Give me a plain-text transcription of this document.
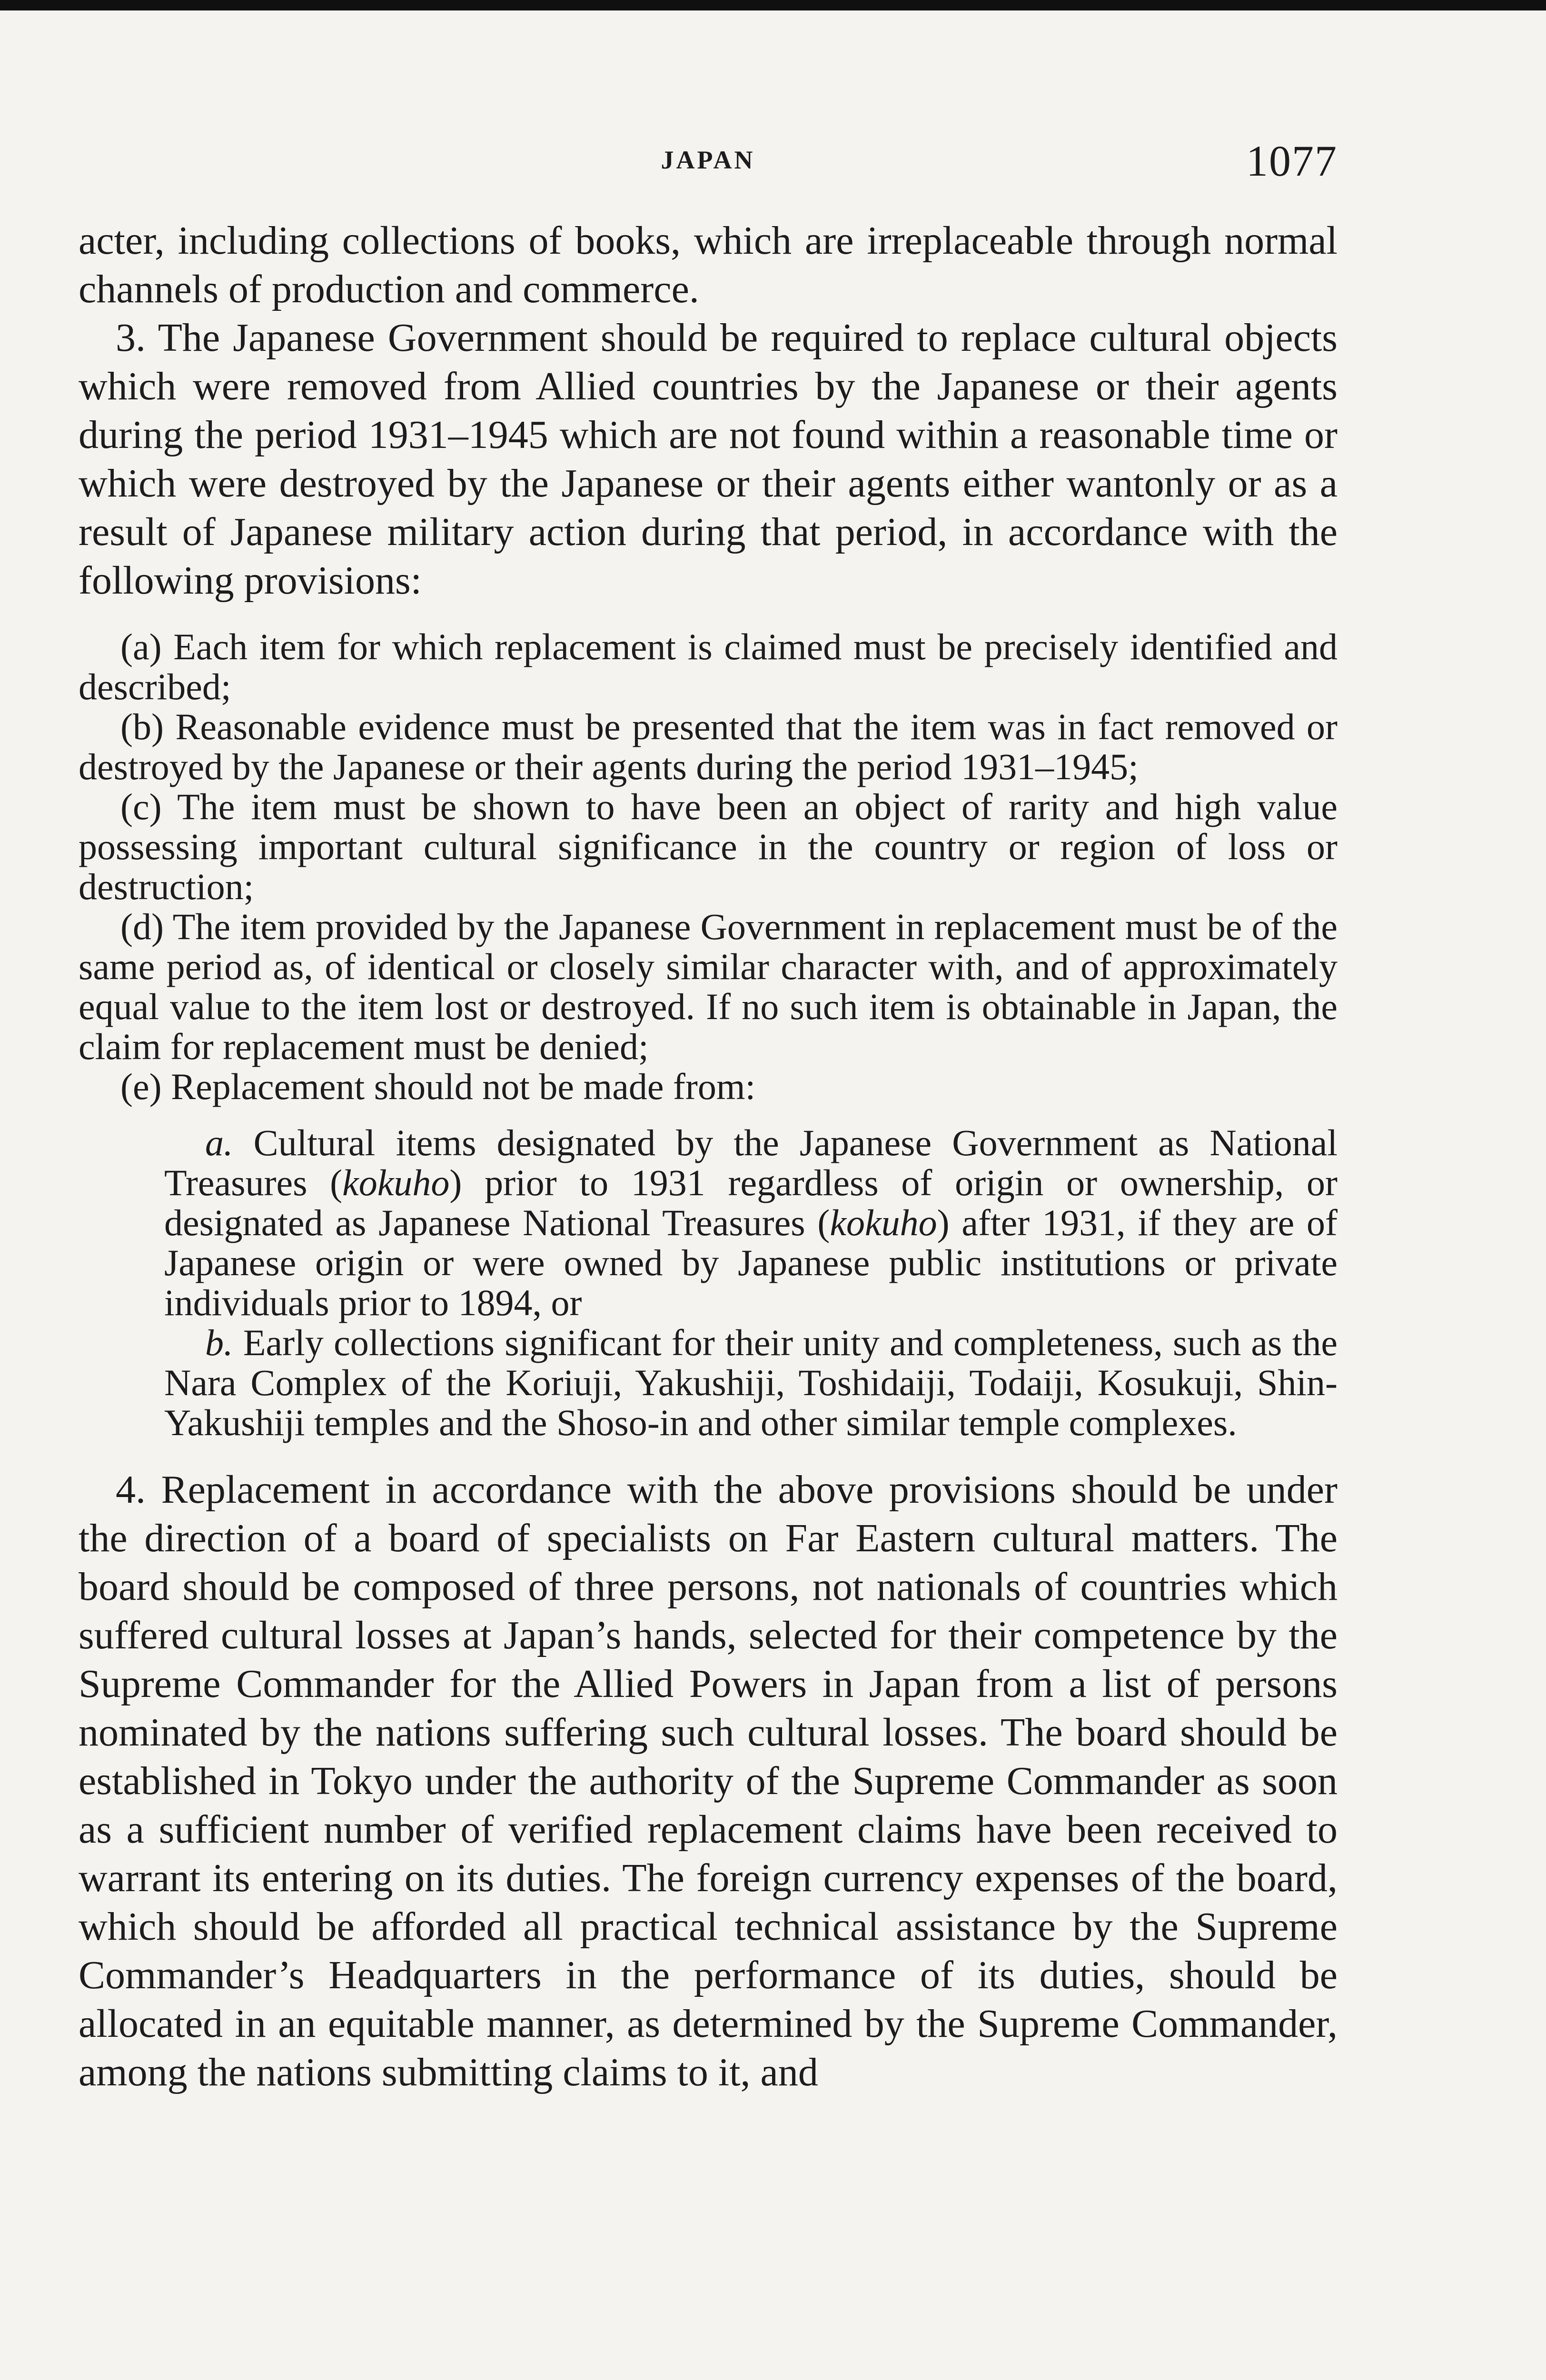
JAPAN	1077

acter, including collections of books, which are irreplaceable through normal channels of production and commerce.

3. The Japanese Government should be required to replace cultural objects which were removed from Allied countries by the Japanese or their agents during the period 1931–1945 which are not found within a reasonable time or which were destroyed by the Japanese or their agents either wantonly or as a result of Japanese military action during that period, in accordance with the following provisions:

(a) Each item for which replacement is claimed must be precisely identified and described;

(b) Reasonable evidence must be presented that the item was in fact removed or destroyed by the Japanese or their agents during the period 1931–1945;

(c) The item must be shown to have been an object of rarity and high value possessing important cultural significance in the country or region of loss or destruction;

(d) The item provided by the Japanese Government in replacement must be of the same period as, of identical or closely similar character with, and of approximately equal value to the item lost or destroyed. If no such item is obtainable in Japan, the claim for replacement must be denied;

(e) Replacement should not be made from:

a. Cultural items designated by the Japanese Government as National Treasures (kokuho) prior to 1931 regardless of origin or ownership, or designated as Japanese National Treasures (kokuho) after 1931, if they are of Japanese origin or were owned by Japanese public institutions or private individuals prior to 1894, or

b. Early collections significant for their unity and completeness, such as the Nara Complex of the Koriuji, Yakushiji, Toshidaiji, Todaiji, Kosukuji, Shin-Yakushiji temples and the Shoso-in and other similar temple complexes.

4. Replacement in accordance with the above provisions should be under the direction of a board of specialists on Far Eastern cultural matters. The board should be composed of three persons, not nationals of countries which suffered cultural losses at Japan’s hands, selected for their competence by the Supreme Commander for the Allied Powers in Japan from a list of persons nominated by the nations suffering such cultural losses. The board should be established in Tokyo under the authority of the Supreme Commander as soon as a sufficient number of verified replacement claims have been received to warrant its entering on its duties. The foreign currency expenses of the board, which should be afforded all practical technical assistance by the Supreme Commander’s Headquarters in the performance of its duties, should be allocated in an equitable manner, as determined by the Supreme Commander, among the nations submitting claims to it, and
